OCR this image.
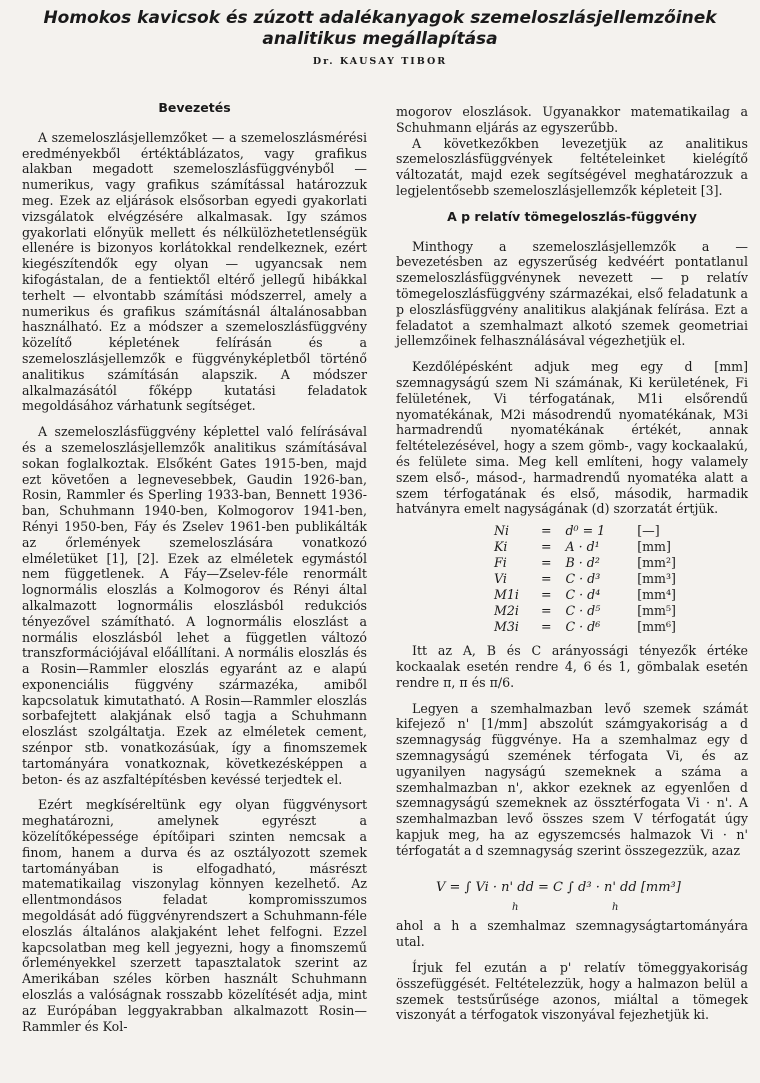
Homokos kavicsok és zúzott adalékanyagok szemeloszlásjellemzőinek
analitikus megállapítása
Dr. KAUSAY TIBOR
Bevezetés

A szemeloszlásjellemzőket — a szemeloszlásmérési eredményekből értéktáblázatos, vagy grafikus alakban megadott szemeloszlásfüggvényből — numerikus, vagy grafikus számítással határozzuk meg. Ezek az eljárások elsősorban egyedi gyakorlati vizsgálatok elvégzésére alkalmasak. Igy számos gyakorlati előnyük mellett és nélkülözhetetlenségük ellenére is bizonyos korlátokkal rendelkeznek, ezért kiegészítendők egy olyan — ugyancsak nem kifogástalan, de a fentiektől eltérő jellegű hibákkal terhelt — elvontabb számítási módszerrel, amely a numerikus és grafikus számításnál általánosabban használható. Ez a módszer a szemeloszlásfüggvény közelítő képletének felírásán és a szemeloszlásjellemzők e függvényképletből történő analitikus számításán alapszik. A módszer alkalmazásától főképp kutatási feladatok megoldásához várhatunk segítséget.

A szemeloszlásfüggvény képlettel való felírásával és a szemeloszlásjellemzők analitikus számításával sokan foglalkoztak. Elsőként Gates 1915-ben, majd ezt követően a legnevesebbek, Gaudin 1926-ban, Rosin, Rammler és Sperling 1933-ban, Bennett 1936-ban, Schuhmann 1940-ben, Kolmogorov 1941-ben, Rényi 1950-ben, Fáy és Zselev 1961-ben publikálták az őrlemények szemeloszlására vonatkozó elméletüket [1], [2]. Ezek az elméletek egymástól nem függetlenek. A Fáy—Zselev-féle renormált lognormális eloszlás a Kolmogorov és Rényi által alkalmazott lognormális eloszlásból redukciós tényezővel számítható. A lognormális eloszlást a normális eloszlásból lehet a független változó transzformációjával előállítani. A normális eloszlás és a Rosin—Rammler eloszlás egyaránt az e alapú exponenciális függvény származéka, amiből kapcsolatuk kimutatható. A Rosin—Rammler eloszlás sorbafejtett alakjának első tagja a Schuhmann eloszlást szolgáltatja. Ezek az elméletek cement, szénpor stb. vonatkozásúak, így a finomszemek tartományára vonatkoznak, következésképpen a beton- és az aszfaltépítésben kevéssé terjedtek el.

Ezért megkíséreltünk egy olyan függvénysort meghatározni, amelynek egyrészt a közelítőképessége építőipari szinten nemcsak a finom, hanem a durva és az osztályozott szemek tartományában is elfogadható, másrészt matematikailag viszonylag könnyen kezelhető. Az ellentmondásos feladat kompromisszumos megoldását adó függvényrendszert a Schuhmann-féle eloszlás általános alakjaként lehet felfogni. Ezzel kapcsolatban meg kell jegyezni, hogy a finomszemű őrleményekkel szerzett tapasztalatok szerint az Amerikában széles körben használt Schuhmann eloszlás a valóságnak rosszabb közelítését adja, mint az Európában leggyakrabban alkalmazott Rosin—Rammler és Kol-

mogorov eloszlások. Ugyanakkor matematikailag a Schuhmann eljárás az egyszerűbb.

A következőkben levezetjük az analitikus szemeloszlásfüggvények feltételeinket kielégítő változatát, majd ezek segítségével meghatározzuk a legjelentősebb szemeloszlásjellemzők képleteit [3].

A p relatív tömegeloszlás-függvény

Minthogy a szemeloszlásjellemzők a — bevezetésben az egyszerűség kedvéért pontatlanul szemeloszlásfüggvénynek nevezett — p relatív tömegeloszlásfüggvény származékai, első feladatunk a p eloszlásfüggvény analitikus alakjának felírása. Ezt a feladatot a szemhalmazt alkotó szemek geometriai jellemzőinek felhasználásával végezhetjük el.

Kezdőlépésként adjuk meg egy d [mm] szemnagyságú szem Ni számának, Ki kerületének, Fi felületének, Vi térfogatának, M1i elsőrendű nyomatékának, M2i másodrendű nyomatékának, M3i harmadrendű nyomatékának értékét, annak feltételezésével, hogy a szem gömb-, vagy kockaalakú, és felülete sima. Meg kell említeni, hogy valamely szem első-, másod-, harmadrendű nyomatéka alatt a szem térfogatának és első, második, harmadik hatványra emelt nagyságának (d) szorzatát értjük.

Ni	=	d⁰ = 1	[—]
Ki	=	A · d¹	[mm]
Fi	=	B · d²	[mm²]
Vi	=	C · d³	[mm³]
M1i	=	C · d⁴	[mm⁴]
M2i	=	C · d⁵	[mm⁵]
M3i	=	C · d⁶	[mm⁶]

Itt az A, B és C arányossági tényezők értéke kockaalak esetén rendre 4, 6 és 1, gömbalak esetén rendre π, π és π/6.

Legyen a szemhalmazban levő szemek számát kifejező n' [1/mm] abszolút számgyakoriság a d szemnagyság függvénye. Ha a szemhalmaz egy d szemnagyságú szemének térfogata Vi, és az ugyanilyen nagyságú szemeknek a száma a szemhalmazban n', akkor ezeknek az egyenlően d szemnagyságú szemeknek az össztérfogata Vi · n'. A szemhalmazban levő összes szem V térfogatát úgy kapjuk meg, ha az egyszemcsés halmazok Vi · n' térfogatát a d szemnagyság szerint összegezzük, azaz

V = ∫ Vi · n' dd = C ∫ d³ · n' dd [mm³]
h	h

ahol a h a szemhalmaz szemnagyságtartományára utal.

Írjuk fel ezután a p' relatív tömeggyakoriság összefüggését. Feltételezzük, hogy a halmazon belül a szemek testsűrűsége azonos, miáltal a tömegek viszonyát a térfogatok viszonyával fejezhetjük ki.
